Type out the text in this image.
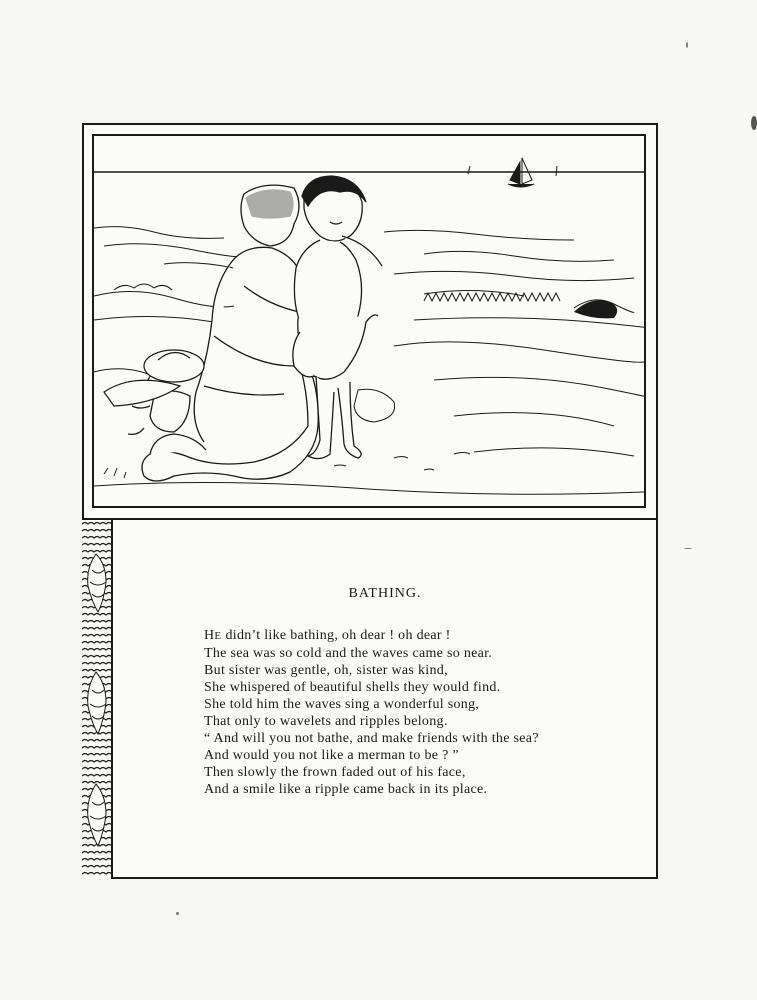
BATHING.
HE didn’t like bathing, oh dear ! oh dear !
The sea was so cold and the waves came so near.
But sister was gentle, oh, sister was kind,
She whispered of beautiful shells they would find.
She told him the waves sing a wonderful song,
That only to wavelets and ripples belong.
“ And will you not bathe, and make friends with the sea?
And would you not like a merman to be ? ”
Then slowly the frown faded out of his face,
And a smile like a ripple came back in its place.
